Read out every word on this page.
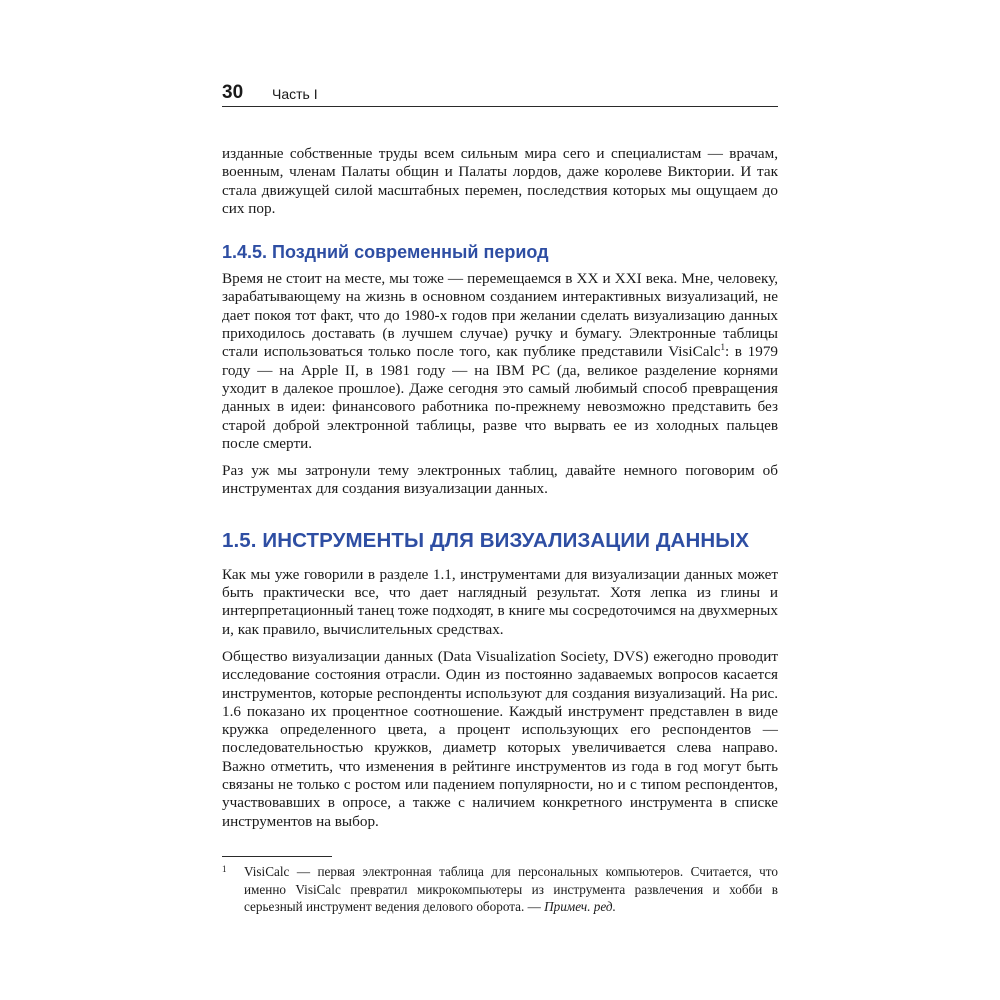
30 Часть I

изданные собственные труды всем сильным мира сего и специалистам — врачам, военным, членам Палаты общин и Палаты лордов, даже королеве Виктории. И так стала движущей силой масштабных перемен, последствия которых мы ощущаем до сих пор.

1.4.5. Поздний современный период

Время не стоит на месте, мы тоже — перемещаемся в XX и XXI века. Мне, человеку, зарабатывающему на жизнь в основном созданием интерактивных визуализаций, не дает покоя тот факт, что до 1980-х годов при желании сделать визуализацию данных приходилось доставать (в лучшем случае) ручку и бумагу. Электронные таблицы стали использоваться только после того, как публике представили VisiCalc$^1$: в 1979 году — на Apple II, в 1981 году — на IBM PC (да, великое разделение корнями уходит в далекое прошлое). Даже сегодня это самый любимый способ превращения данных в идеи: финансового работника по-прежнему невозможно представить без старой доброй электронной таблицы, разве что вырвать ее из холодных пальцев после смерти.

Раз уж мы затронули тему электронных таблиц, давайте немного поговорим об инструментах для создания визуализации данных.

1.5. ИНСТРУМЕНТЫ ДЛЯ ВИЗУАЛИЗАЦИИ ДАННЫХ

Как мы уже говорили в разделе 1.1, инструментами для визуализации данных может быть практически все, что дает наглядный результат. Хотя лепка из глины и интерпретационный танец тоже подходят, в книге мы сосредоточимся на двухмерных и, как правило, вычислительных средствах.

Общество визуализации данных (Data Visualization Society, DVS) ежегодно проводит исследование состояния отрасли. Один из постоянно задаваемых вопросов касается инструментов, которые респонденты используют для создания визуализаций. На рис. 1.6 показано их процентное соотношение. Каждый инструмент представлен в виде кружка определенного цвета, а процент использующих его респондентов — последовательностью кружков, диаметр которых увеличивается слева направо. Важно отметить, что изменения в рейтинге инструментов из года в год могут быть связаны не только с ростом или падением популярности, но и с типом респондентов, участвовавших в опросе, а также с наличием конкретного инструмента в списке инструментов на выбор.

1 VisiCalc — первая электронная таблица для персональных компьютеров. Считается, что именно VisiCalc превратил микрокомпьютеры из инструмента развлечения и хобби в серьезный инструмент ведения делового оборота. — Примеч. ред.
